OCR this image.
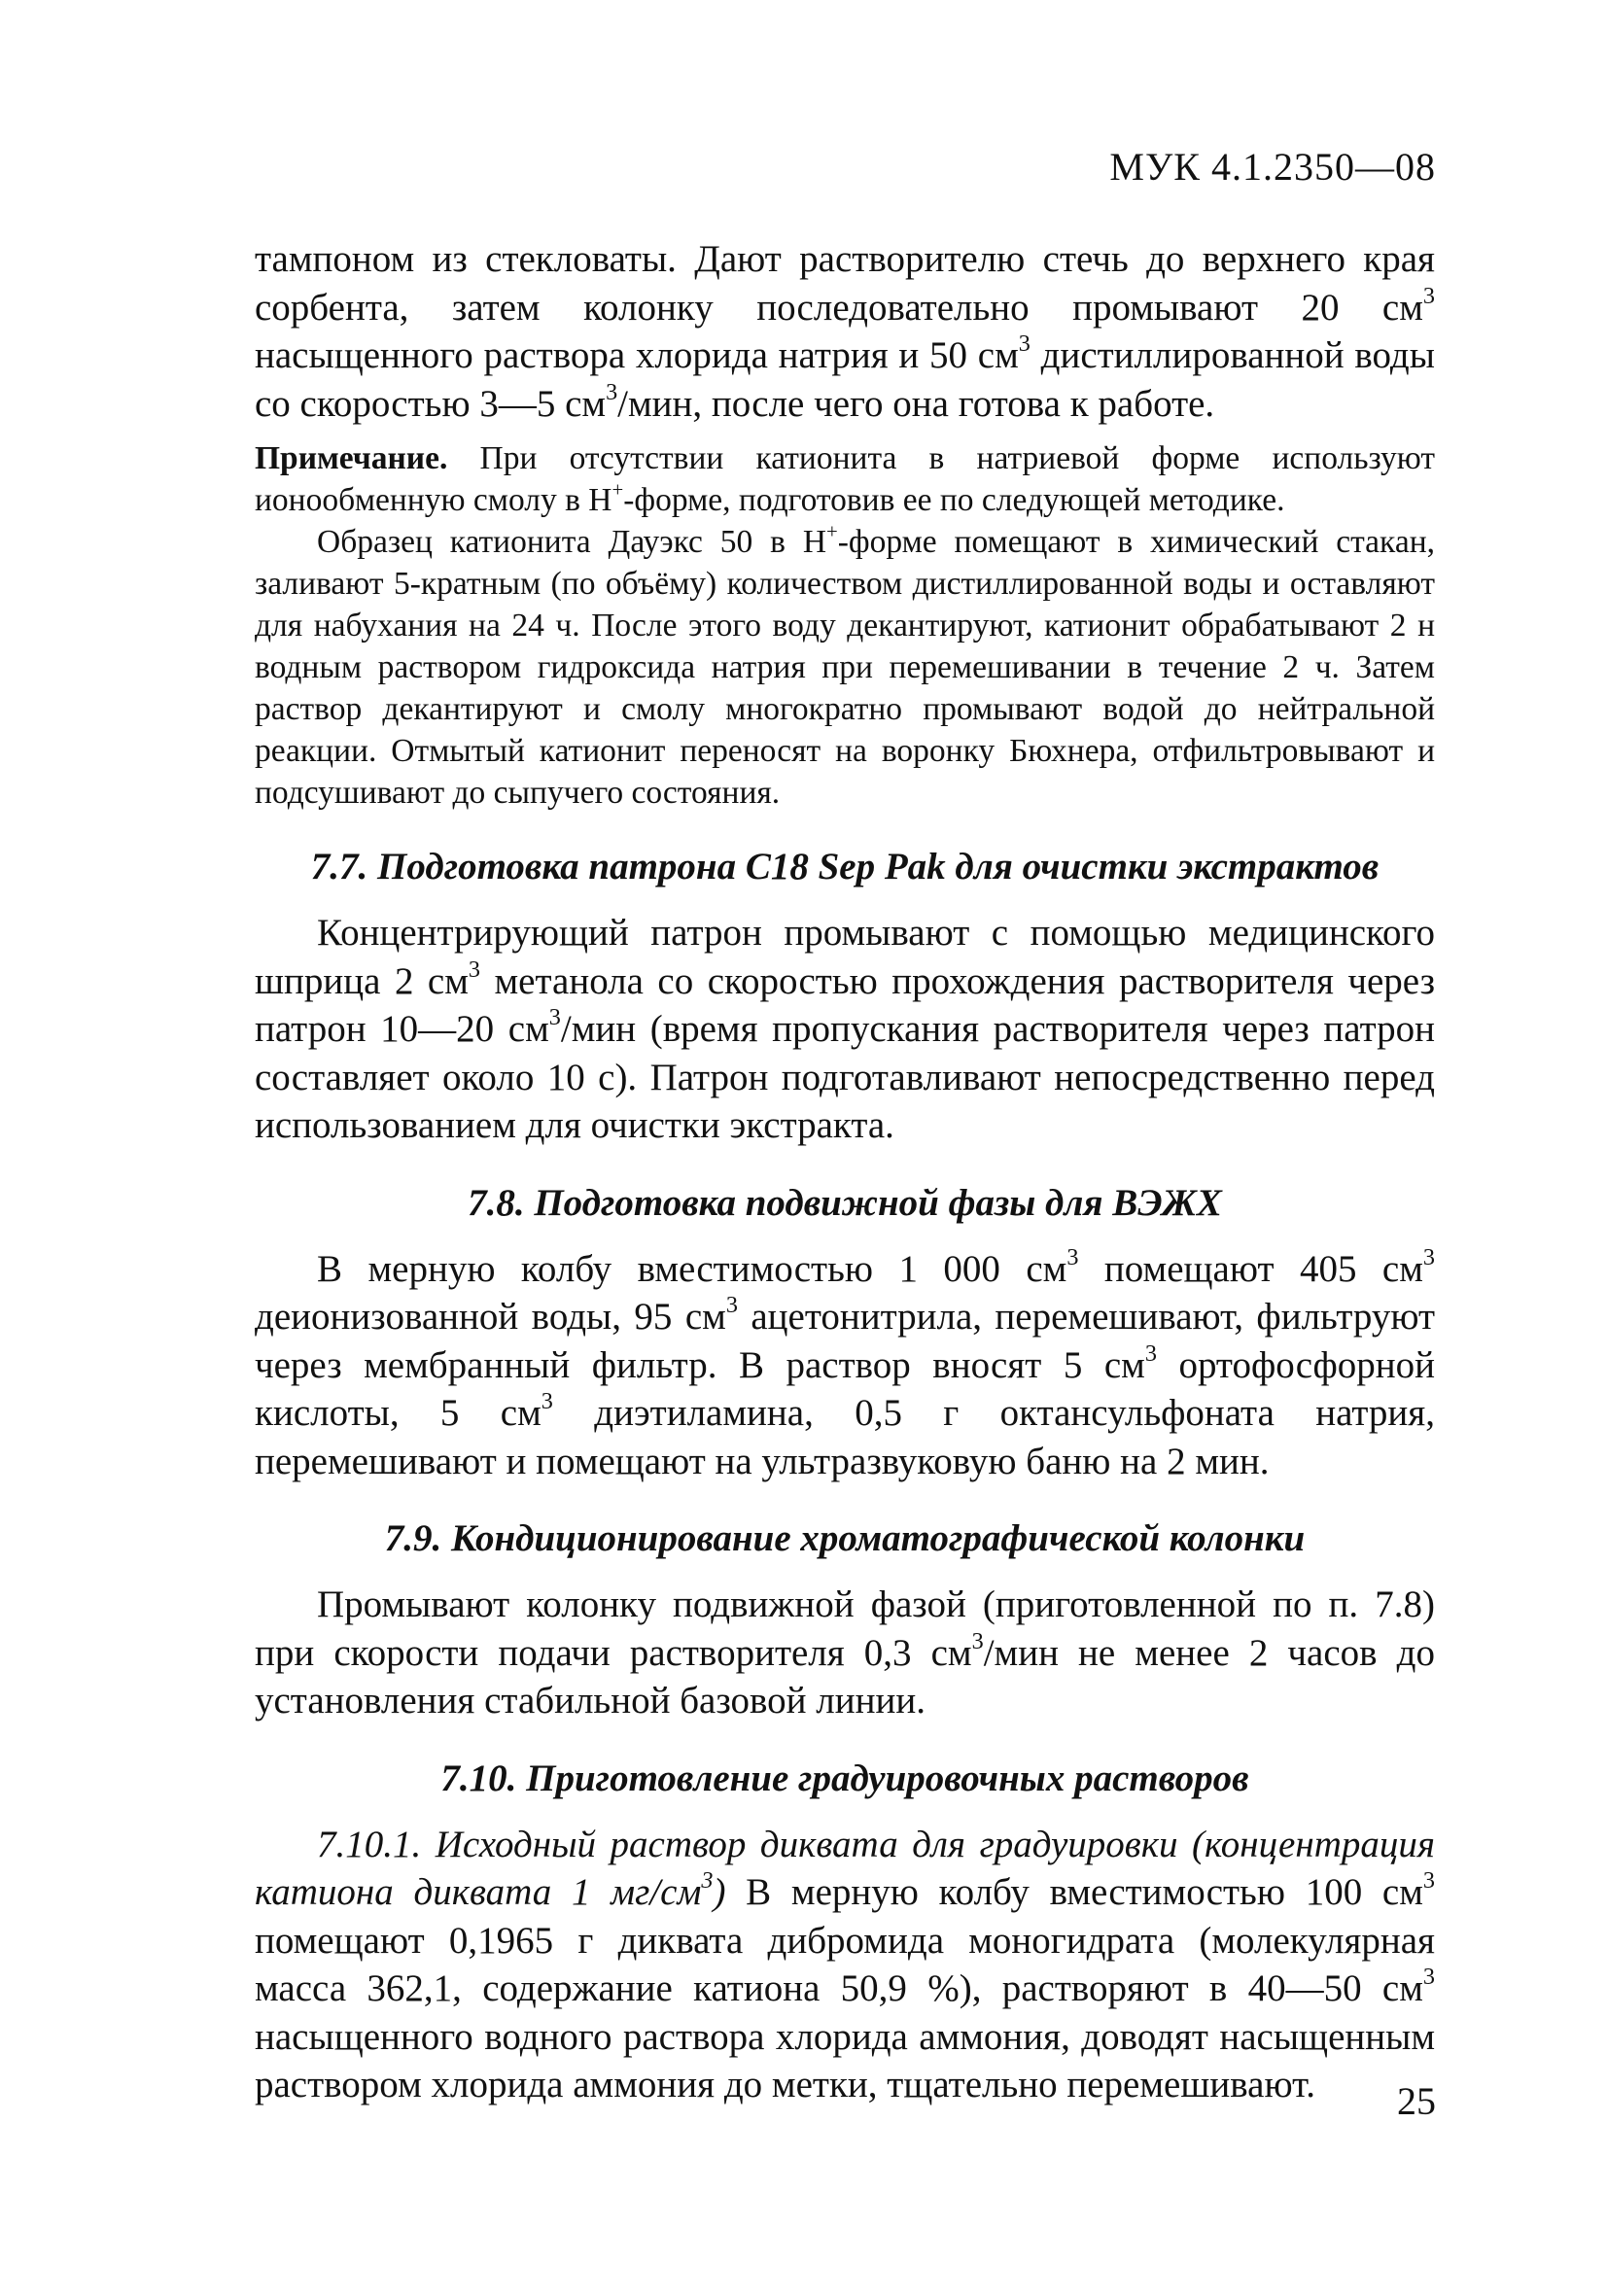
МУК 4.1.2350—08

тампоном из стекловаты. Дают растворителю стечь до верхнего края сорбента, затем колонку последовательно промывают 20 $см^3$ насыщенного раствора хлорида натрия и 50 $см^3$ дистиллированной воды со скоростью 3—5 $см^3$/мин, после чего она готова к работе.

Примечание. При отсутствии катионита в натриевой форме используют ионообменную смолу в Н+-форме, подготовив ее по следующей методике.

Образец катионита Дауэкс 50 в Н+-форме помещают в химический стакан, заливают 5-кратным (по объёму) количеством дистиллированной воды и оставляют для набухания на 24 ч. После этого воду декантируют, катионит обрабатывают 2 н водным раствором гидроксида натрия при перемешивании в течение 2 ч. Затем раствор декантируют и смолу многократно промывают водой до нейтральной реакции. Отмытый катионит переносят на воронку Бюхнера, отфильтровывают и подсушивают до сыпучего состояния.

7.7. Подготовка патрона С18 Sep Pak для очистки экстрактов

Концентрирующий патрон промывают с помощью медицинского шприца 2 $см^3$ метанола со скоростью прохождения растворителя через патрон 10—20 $см^3$/мин (время пропускания растворителя через патрон составляет около 10 с). Патрон подготавливают непосредственно перед использованием для очистки экстракта.

7.8. Подготовка подвижной фазы для ВЭЖХ

В мерную колбу вместимостью 1 000 $см^3$ помещают 405 $см^3$ деионизованной воды, 95 $см^3$ ацетонитрила, перемешивают, фильтруют через мембранный фильтр. В раствор вносят 5 $см^3$ ортофосфорной кислоты, 5 $см^3$ диэтиламина, 0,5 г октансульфоната натрия, перемешивают и помещают на ультразвуковую баню на 2 мин.

7.9. Кондиционирование хроматографической колонки

Промывают колонку подвижной фазой (приготовленной по п. 7.8) при скорости подачи растворителя 0,3 $см^3$/мин не менее 2 часов до установления стабильной базовой линии.

7.10. Приготовление градуировочных растворов

7.10.1. Исходный раствор диквата для градуировки (концентрация катиона диквата 1 $мг/см^3$) В мерную колбу вместимостью 100 $см^3$ помещают 0,1965 г диквата дибромида моногидрата (молекулярная масса 362,1, содержание катиона 50,9 %), растворяют в 40—50 $см^3$ насыщенного водного раствора хлорида аммония, доводят насыщенным раствором хлорида аммония до метки, тщательно перемешивают.	25
